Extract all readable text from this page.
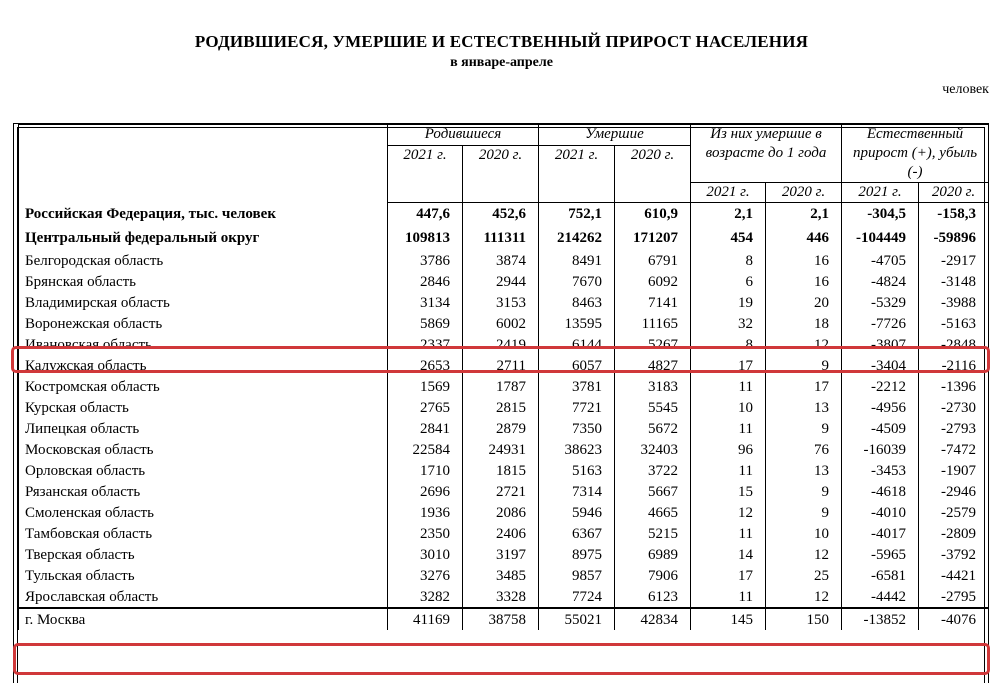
РОДИВШИЕСЯ, УМЕРШИЕ И ЕСТЕСТВЕННЫЙ ПРИРОСТ НАСЕЛЕНИЯ
в январе-апреле
человек
	Родившиеся		Умершие		Из них умершие в возрасте до 1 года		Естественный прирост (+), убыль (-)	
	2021 г.	2020 г.	2021 г.	2020 г.				
					2021 г.	2020 г.	2021 г.	2020 г.
Российская Федерация, тыс. человек	447,6	452,6	752,1	610,9	2,1	2,1	-304,5	-158,3
Центральный федеральный округ	109813	111311	214262	171207	454	446	-104449	-59896
Белгородская область	3786	3874	8491	6791	8	16	-4705	-2917
Брянская область	2846	2944	7670	6092	6	16	-4824	-3148
Владимирская область	3134	3153	8463	7141	19	20	-5329	-3988
Воронежская область	5869	6002	13595	11165	32	18	-7726	-5163
Ивановская область	2337	2419	6144	5267	8	12	-3807	-2848
Калужская область	2653	2711	6057	4827	17	9	-3404	-2116
Костромская область	1569	1787	3781	3183	11	17	-2212	-1396
Курская область	2765	2815	7721	5545	10	13	-4956	-2730
Липецкая область	2841	2879	7350	5672	11	9	-4509	-2793
Московская область	22584	24931	38623	32403	96	76	-16039	-7472
Орловская область	1710	1815	5163	3722	11	13	-3453	-1907
Рязанская область	2696	2721	7314	5667	15	9	-4618	-2946
Смоленская область	1936	2086	5946	4665	12	9	-4010	-2579
Тамбовская область	2350	2406	6367	5215	11	10	-4017	-2809
Тверская область	3010	3197	8975	6989	14	12	-5965	-3792
Тульская область	3276	3485	9857	7906	17	25	-6581	-4421
Ярославская область	3282	3328	7724	6123	11	12	-4442	-2795
г. Москва	41169	38758	55021	42834	145	150	-13852	-4076
